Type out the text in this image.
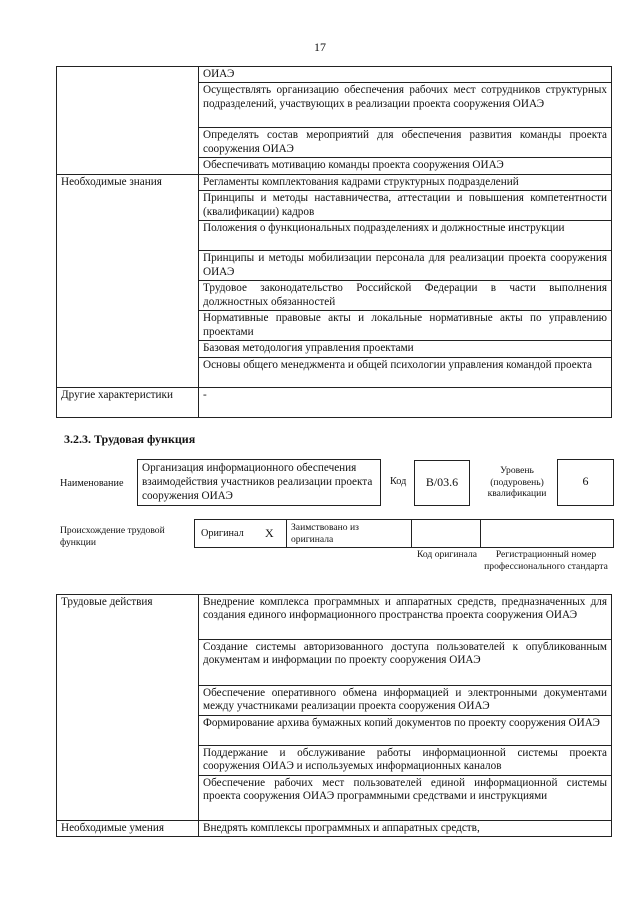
17
	ОИАЭ
	Осуществлять организацию обеспечения рабочих мест сотрудников структурных подразделений, участвующих в реализации проекта сооружения ОИАЭ
	Определять состав мероприятий для обеспечения развития команды проекта сооружения ОИАЭ
	Обеспечивать мотивацию команды проекта сооружения ОИАЭ
Необходимые знания	Регламенты комплектования кадрами структурных подразделений
	Принципы и методы наставничества, аттестации и повышения компетентности (квалификации) кадров
	Положения о функциональных подразделениях и должностные инструкции
	Принципы и методы мобилизации персонала для реализации проекта сооружения ОИАЭ
	Трудовое законодательство Российской Федерации в части выполнения должностных обязанностей
	Нормативные правовые акты и локальные нормативные акты по управлению проектами
	Базовая методология управления проектами
	Основы общего менеджмента и общей психологии управления командой проекта
Другие характеристики	-
3.2.3. Трудовая функция
Наименование
Организация информационного обеспечения взаимодействия участников реализации проекта сооружения ОИАЭ
Код	В/03.6
Уровень (подуровень) квалификации
6
Происхождение трудовой функции
Оригинал X Заимствовано из оригинала
Код оригинала	Регистрационный номер профессионального стандарта
Трудовые действия	Внедрение комплекса программных и аппаратных средств, предназначенных для создания единого информационного пространства проекта сооружения ОИАЭ
	Создание системы авторизованного доступа пользователей к опубликованным документам и информации по проекту сооружения ОИАЭ
	Обеспечение оперативного обмена информацией и электронными документами между участниками реализации проекта сооружения ОИАЭ
	Формирование архива бумажных копий документов по проекту сооружения ОИАЭ
	Поддержание и обслуживание работы информационной системы проекта сооружения ОИАЭ и используемых информационных каналов
	Обеспечение рабочих мест пользователей единой информационной системы проекта сооружения ОИАЭ программными средствами и инструкциями
Необходимые умения	Внедрять комплексы программных и аппаратных средств,
